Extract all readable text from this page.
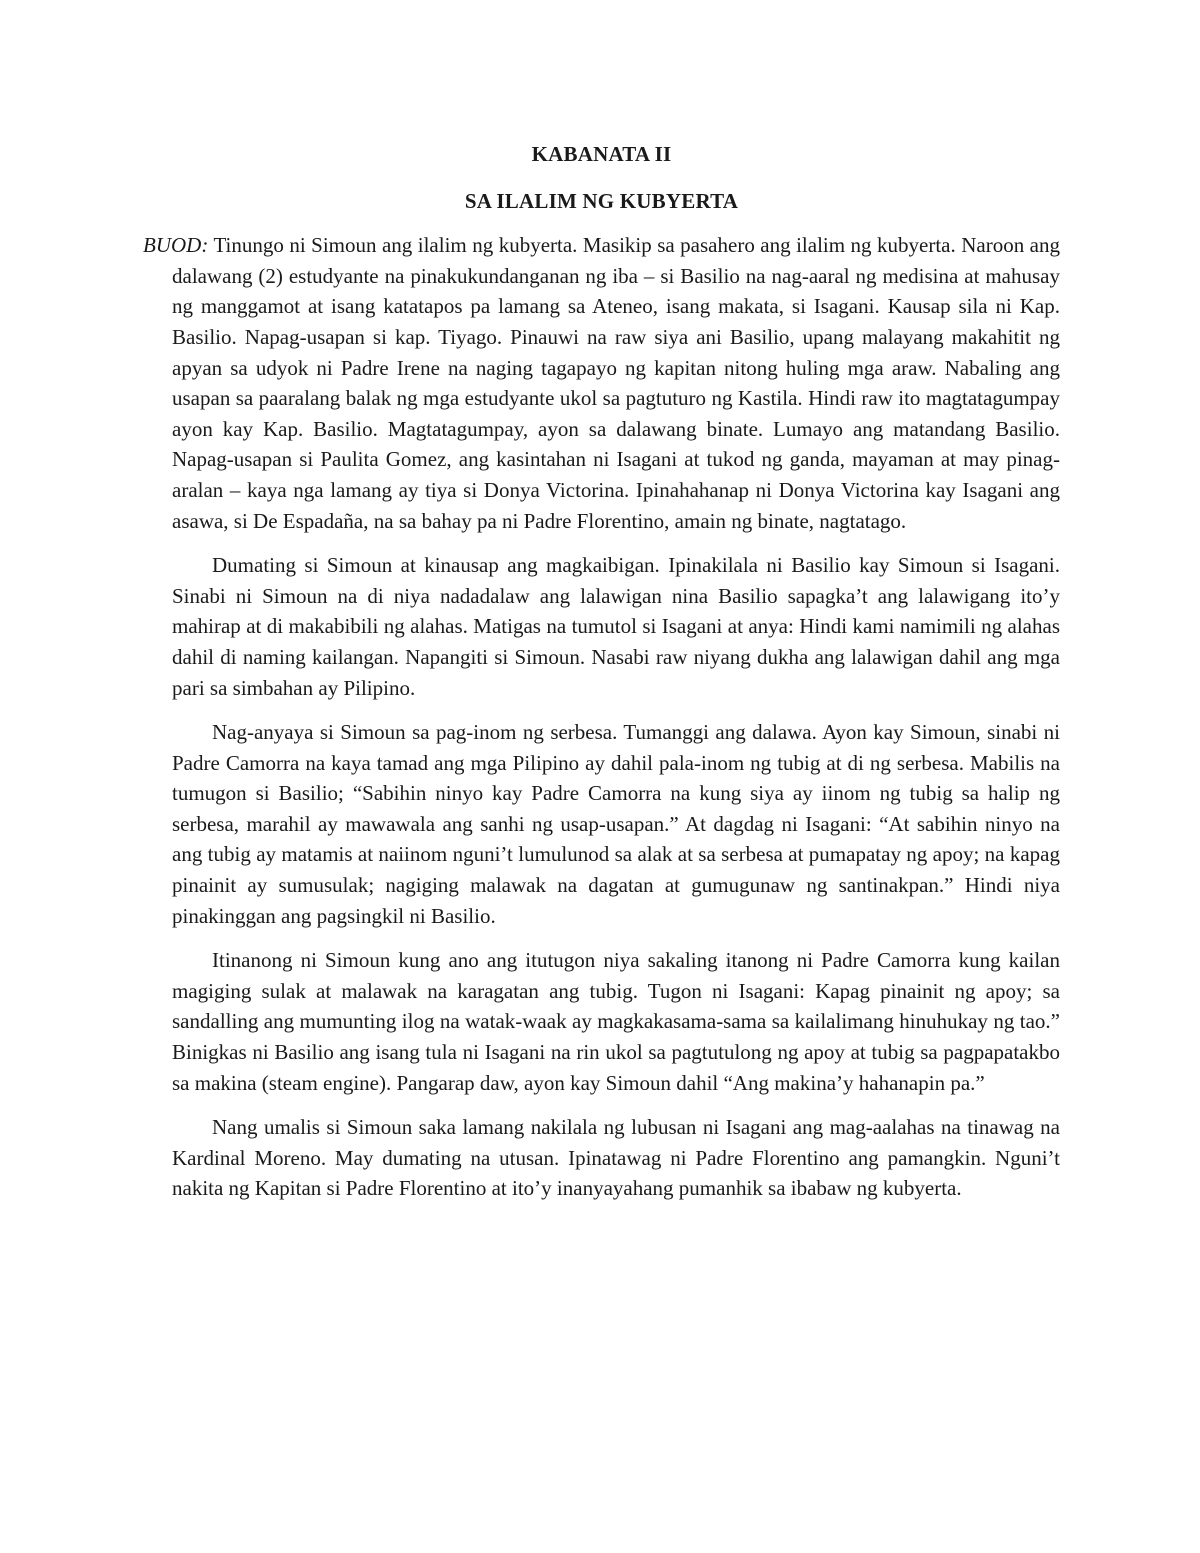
KABANATA II

SA ILALIM NG KUBYERTA

BUOD: Tinungo ni Simoun ang ilalim ng kubyerta. Masikip sa pasahero ang ilalim ng kubyerta. Naroon ang dalawang (2) estudyante na pinakukundanganan ng iba – si Basilio na nag-aaral ng medisina at mahusay ng manggamot at isang katatapos pa lamang sa Ateneo, isang makata, si Isagani. Kausap sila ni Kap. Basilio. Napag-usapan si kap. Tiyago. Pinauwi na raw siya ani Basilio, upang malayang makahitit ng apyan sa udyok ni Padre Irene na naging tagapayo ng kapitan nitong huling mga araw. Nabaling ang usapan sa paaralang balak ng mga estudyante ukol sa pagtuturo ng Kastila. Hindi raw ito magtatagumpay ayon kay Kap. Basilio. Magtatagumpay, ayon sa dalawang binate. Lumayo ang matandang Basilio. Napag-usapan si Paulita Gomez, ang kasintahan ni Isagani at tukod ng ganda, mayaman at may pinag-aralan – kaya nga lamang ay tiya si Donya Victorina. Ipinahahanap ni Donya Victorina kay Isagani ang asawa, si De Espadaña, na sa bahay pa ni Padre Florentino, amain ng binate, nagtatago.

Dumating si Simoun at kinausap ang magkaibigan. Ipinakilala ni Basilio kay Simoun si Isagani. Sinabi ni Simoun na di niya nadadalaw ang lalawigan nina Basilio sapagka’t ang lalawigang ito’y mahirap at di makabibili ng alahas. Matigas na tumutol si Isagani at anya: Hindi kami namimili ng alahas dahil di naming kailangan. Napangiti si Simoun. Nasabi raw niyang dukha ang lalawigan dahil ang mga pari sa simbahan ay Pilipino.

Nag-anyaya si Simoun sa pag-inom ng serbesa. Tumanggi ang dalawa. Ayon kay Simoun, sinabi ni Padre Camorra na kaya tamad ang mga Pilipino ay dahil pala-inom ng tubig at di ng serbesa. Mabilis na tumugon si Basilio; “Sabihin ninyo kay Padre Camorra na kung siya ay iinom ng tubig sa halip ng serbesa, marahil ay mawawala ang sanhi ng usap-usapan.” At dagdag ni Isagani: “At sabihin ninyo na ang tubig ay matamis at naiinom nguni’t lumulunod sa alak at sa serbesa at pumapatay ng apoy; na kapag pinainit ay sumusulak; nagiging malawak na dagatan at gumugunaw ng santinakpan.” Hindi niya pinakinggan ang pagsingkil ni Basilio.

Itinanong ni Simoun kung ano ang itutugon niya sakaling itanong ni Padre Camorra kung kailan magiging sulak at malawak na karagatan ang tubig. Tugon ni Isagani: Kapag pinainit ng apoy; sa sandalling ang mumunting ilog na watak-waak ay magkakasama-sama sa kailalimang hinuhukay ng tao.” Binigkas ni Basilio ang isang tula ni Isagani na rin ukol sa pagtutulong ng apoy at tubig sa pagpapatakbo sa makina (steam engine). Pangarap daw, ayon kay Simoun dahil “Ang makina’y hahanapin pa.”

Nang umalis si Simoun saka lamang nakilala ng lubusan ni Isagani ang mag-aalahas na tinawag na Kardinal Moreno. May dumating na utusan. Ipinatawag ni Padre Florentino ang pamangkin. Nguni’t nakita ng Kapitan si Padre Florentino at ito’y inanyayahang pumanhik sa ibabaw ng kubyerta.
